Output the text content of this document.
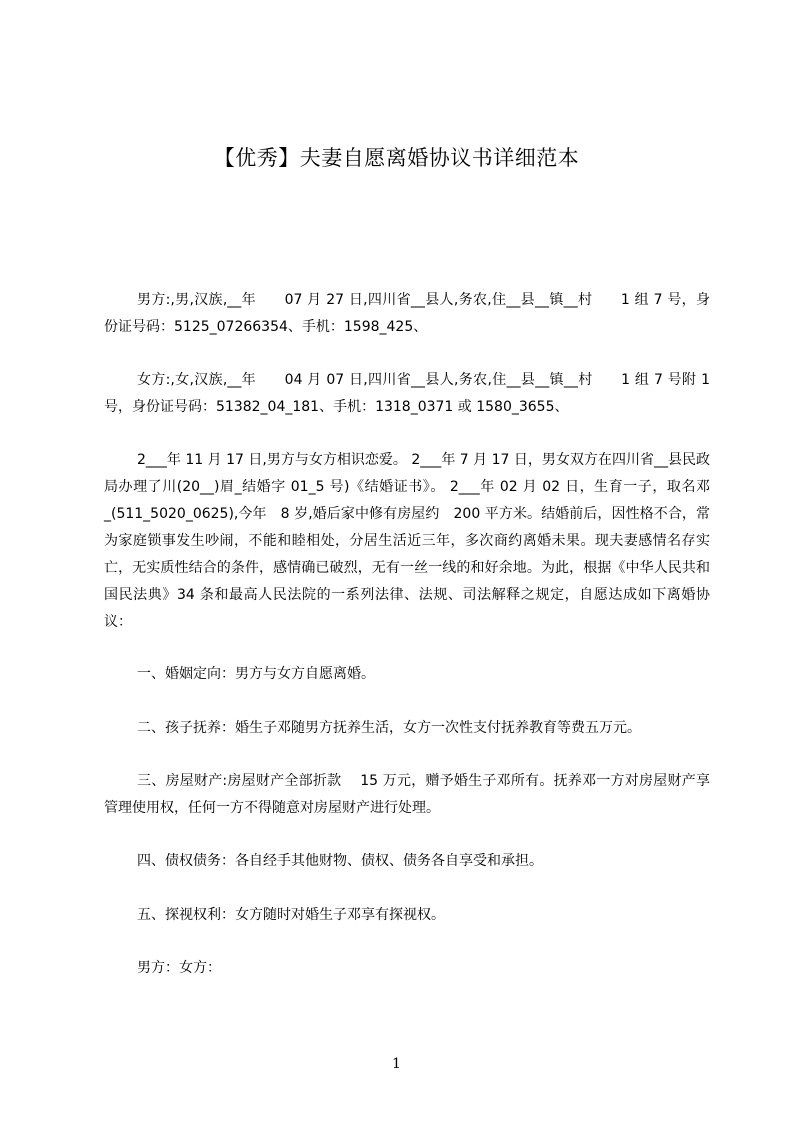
【优秀】夫妻自愿离婚协议书详细范本

男方:,男,汉族,__年　　07 月 27 日,四川省__县人,务农,住__县__镇__村　　1 组 7 号，身份证号码：5125_07266354、手机：1598_425、

女方:,女,汉族,__年　　04 月 07 日,四川省__县人,务农,住__县__镇__村　　1 组 7 号附 1 号，身份证号码：51382_04_181、手机：1318_0371 或 1580_3655、

2___年 11 月 17 日,男方与女方相识恋爱。 2___年 7 月 17 日，男女双方在四川省__县民政局办理了川(20__)眉_结婚字 01_5 号)《结婚证书》。 2___年 02 月 02 日，生育一子，取名邓_(511_5020_0625),今年　8 岁,婚后家中修有房屋约　200 平方米。结婚前后，因性格不合，常为家庭锁事发生吵闹，不能和睦相处，分居生活近三年，多次商约离婚未果。现夫妻感情名存实亡，无实质性结合的条件，感情确已破烈，无有一丝一线的和好余地。为此，根据《中华人民共和国民法典》34 条和最高人民法院的一系列法律、法规、司法解释之规定，自愿达成如下离婚协议：

一、婚姻定向：男方与女方自愿离婚。

二、孩子抚养：婚生子邓随男方抚养生活，女方一次性支付抚养教育等费五万元。

三、房屋财产:房屋财产全部折款　 15 万元，赠予婚生子邓所有。抚养邓一方对房屋财产享管理使用权，任何一方不得随意对房屋财产进行处理。

四、债权债务：各自经手其他财物、债权、债务各自享受和承担。

五、探视权利：女方随时对婚生子邓享有探视权。

男方：女方：

1
